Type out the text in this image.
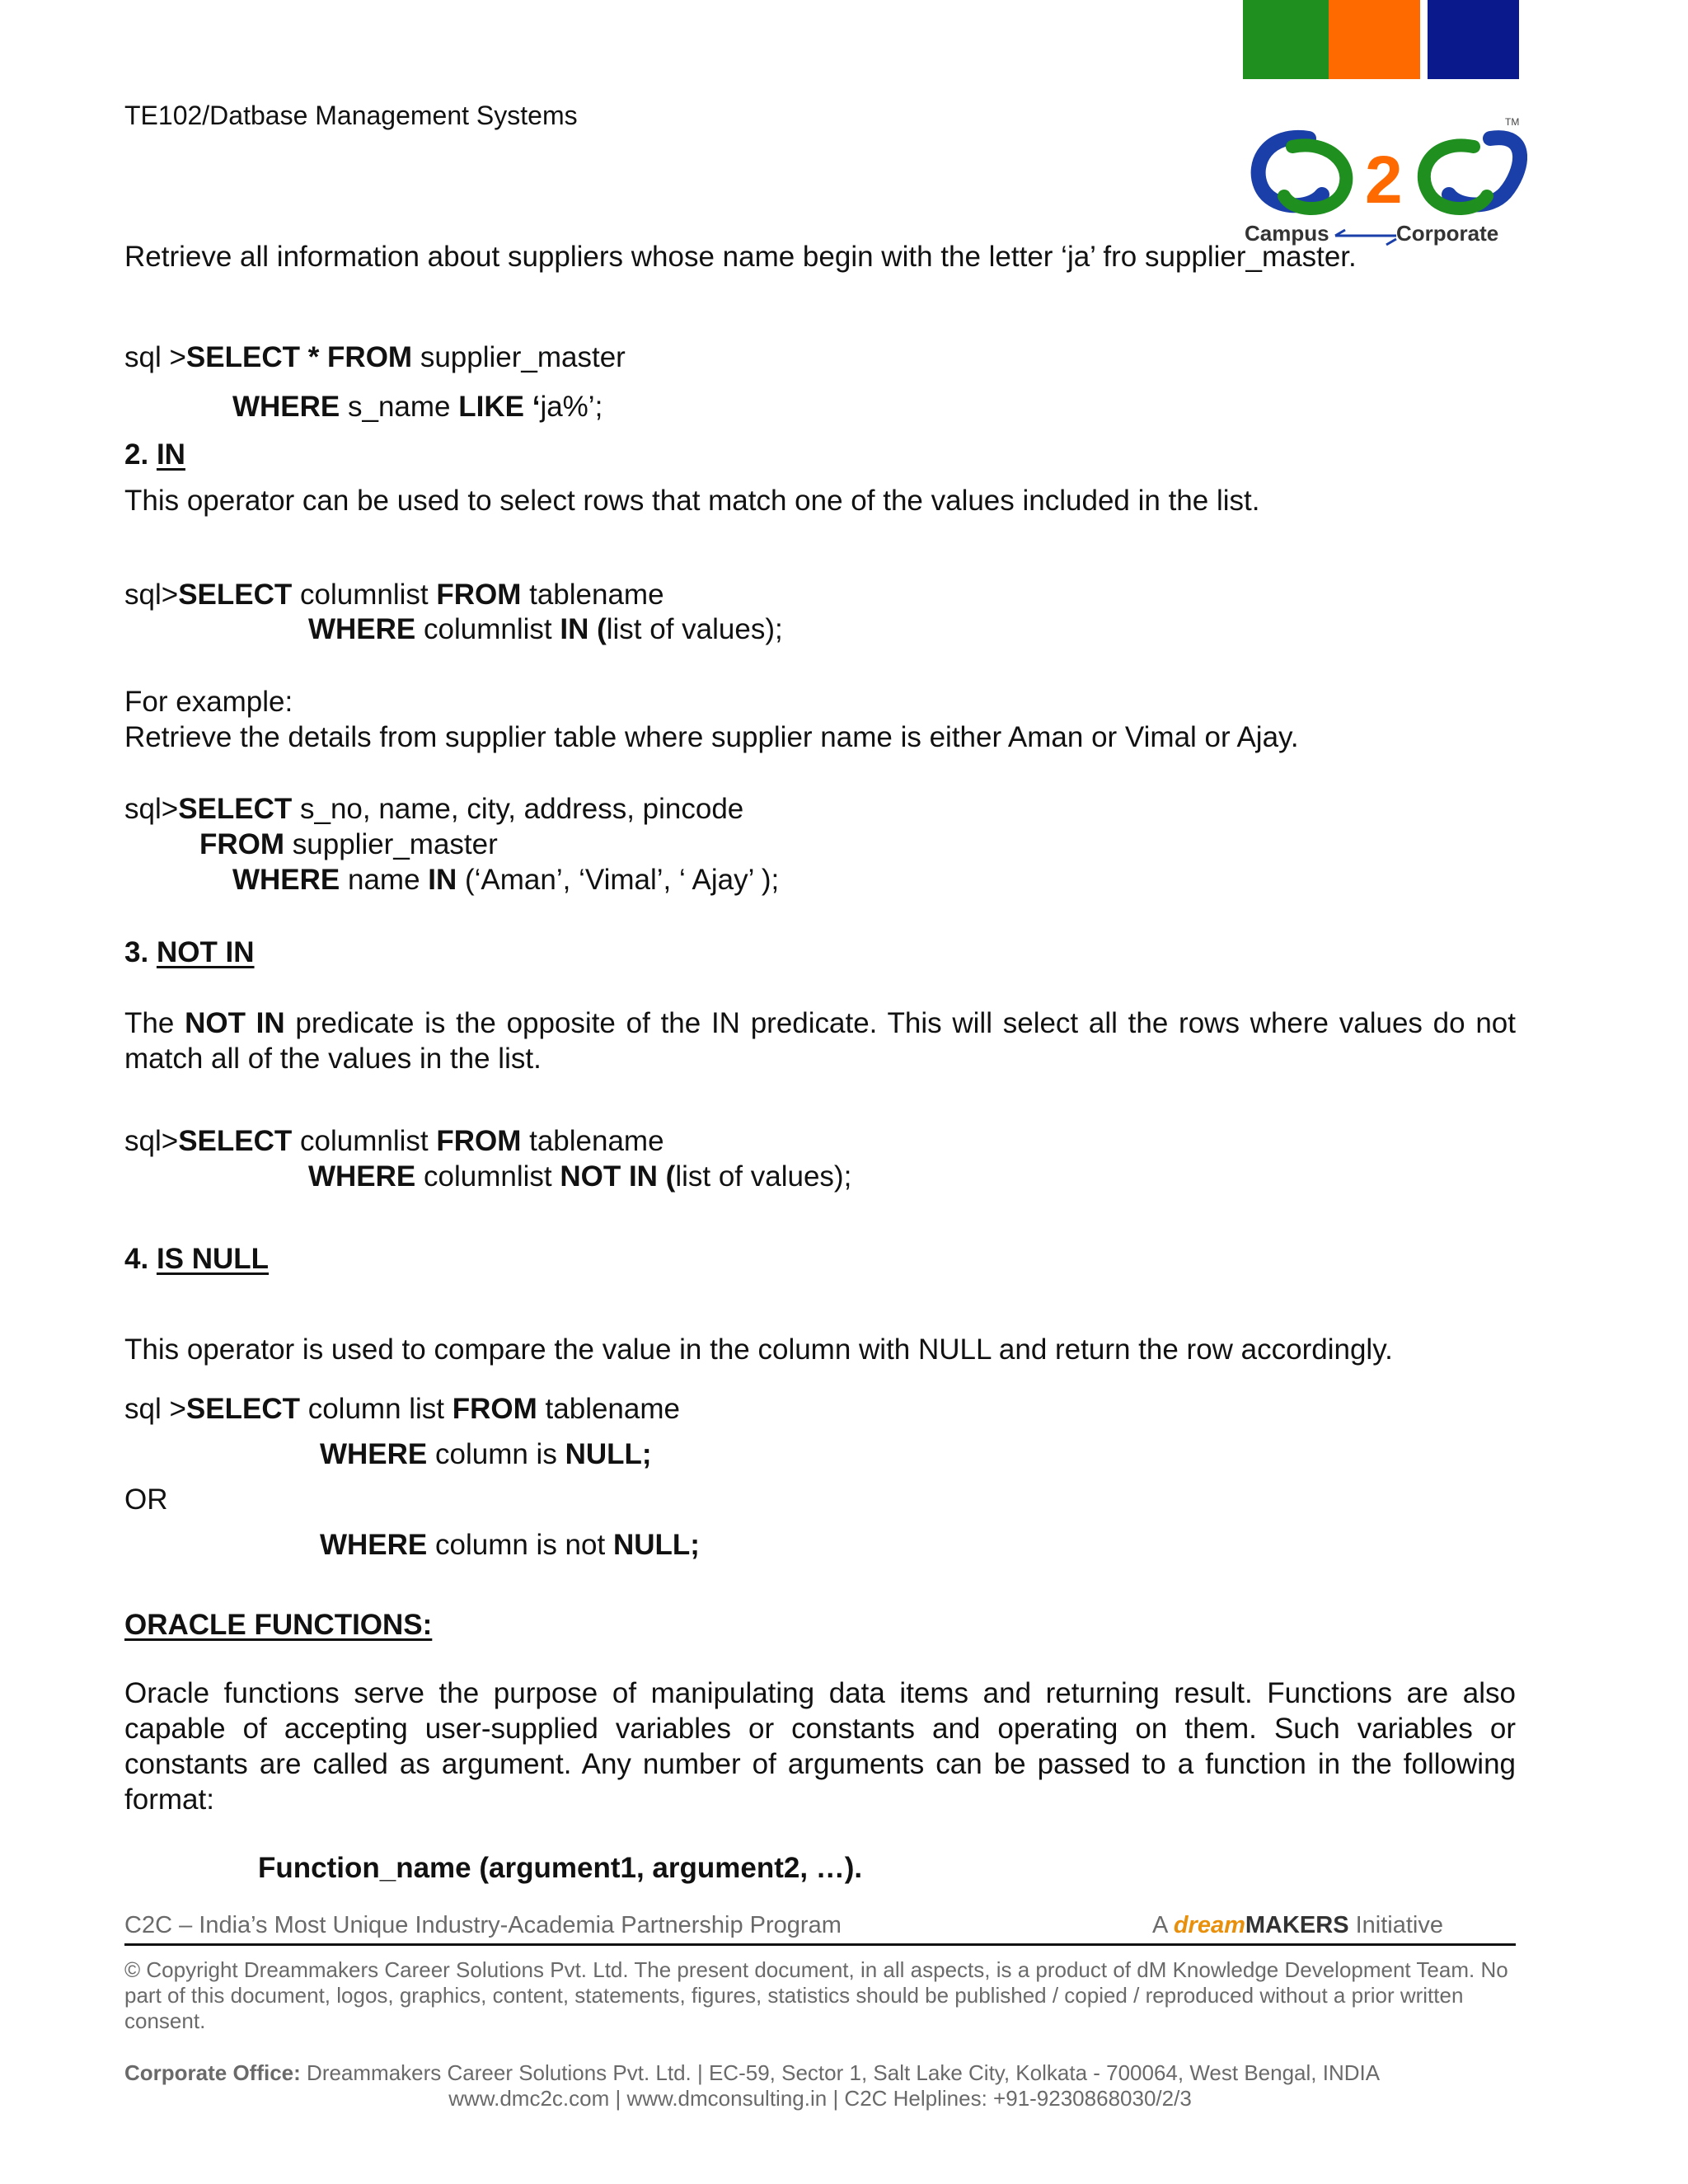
TE102/Datbase Management Systems	TM
2
Campus	Corporate
Retrieve all information about suppliers whose name begin with the letter ‘ja’ fro supplier_master.
sql >SELECT * FROM supplier_master
WHERE s_name LIKE ‘ja%’;
2. IN
This operator can be used to select rows that match one of the values included in the list.
sql>SELECT columnlist FROM tablename
WHERE columnlist IN (list of values);
For example:
Retrieve the details from supplier table where supplier name is either Aman or Vimal or Ajay.
sql>SELECT s_no, name, city, address, pincode
FROM supplier_master
WHERE name IN (‘Aman’, ‘Vimal’, ‘ Ajay’ );
3. NOT IN
The NOT IN predicate is the opposite of the IN predicate. This will select all the rows where values do not match all of the values in the list.
sql>SELECT columnlist FROM tablename
WHERE columnlist NOT IN (list of values);
4. IS NULL
This operator is used to compare the value in the column with NULL and return the row accordingly.
sql >SELECT column list FROM tablename
WHERE column is NULL;
OR
WHERE column is not NULL;
ORACLE FUNCTIONS:
Oracle functions serve the purpose of manipulating data items and returning result. Functions are also capable of accepting user-supplied variables or constants and operating on them. Such variables or constants are called as argument. Any number of arguments can be passed to a function in the following format:
Function_name (argument1, argument2, …).
C2C – India’s Most Unique Industry-Academia Partnership Program	A dreamMAKERS Initiative
© Copyright Dreammakers Career Solutions Pvt. Ltd. The present document, in all aspects, is a product of dM Knowledge Development Team. No part of this document, logos, graphics, content, statements, figures, statistics should be published / copied / reproduced without a prior written consent.
Corporate Office: Dreammakers Career Solutions Pvt. Ltd. | EC-59, Sector 1, Salt Lake City, Kolkata - 700064, West Bengal, INDIA
www.dmc2c.com | www.dmconsulting.in | C2C Helplines: +91-9230868030/2/3
